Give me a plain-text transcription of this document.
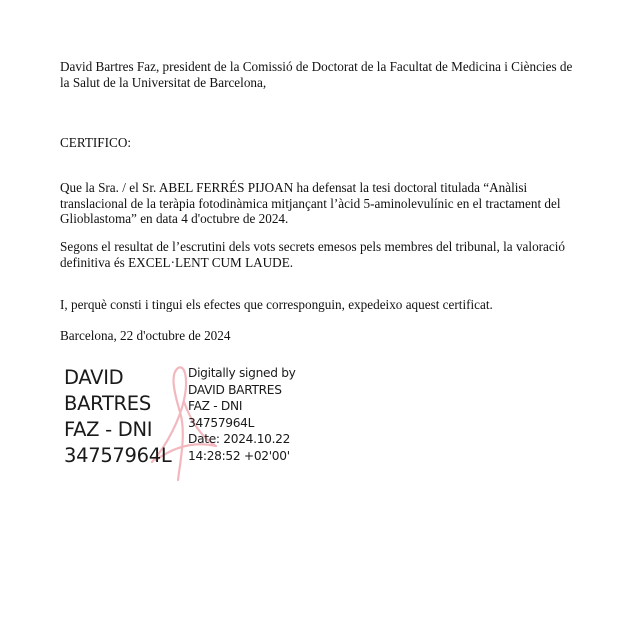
David Bartres Faz, president de la Comissió de Doctorat de la Facultat de Medicina i Ciències de la Salut de la Universitat de Barcelona,

CERTIFICO:

Que la Sra. / el Sr. ABEL FERRÉS PIJOAN ha defensat la tesi doctoral titulada “Anàlisi translacional de la teràpia fotodinàmica mitjançant l’àcid 5-aminolevulínic en el tractament del Glioblastoma” en data 4 d'octubre de 2024.

Segons el resultat de l’escrutini dels vots secrets emesos pels membres del tribunal, la valoració definitiva és EXCEL·LENT CUM LAUDE.

I, perquè consti i tingui els efectes que corresponguin, expedeixo aquest certificat.

Barcelona, 22 d'octubre de 2024

DAVID
BARTRES
FAZ - DNI
34757964L
Digitally signed by
DAVID BARTRES
FAZ - DNI
34757964L
Date: 2024.10.22
14:28:52 +02'00'
